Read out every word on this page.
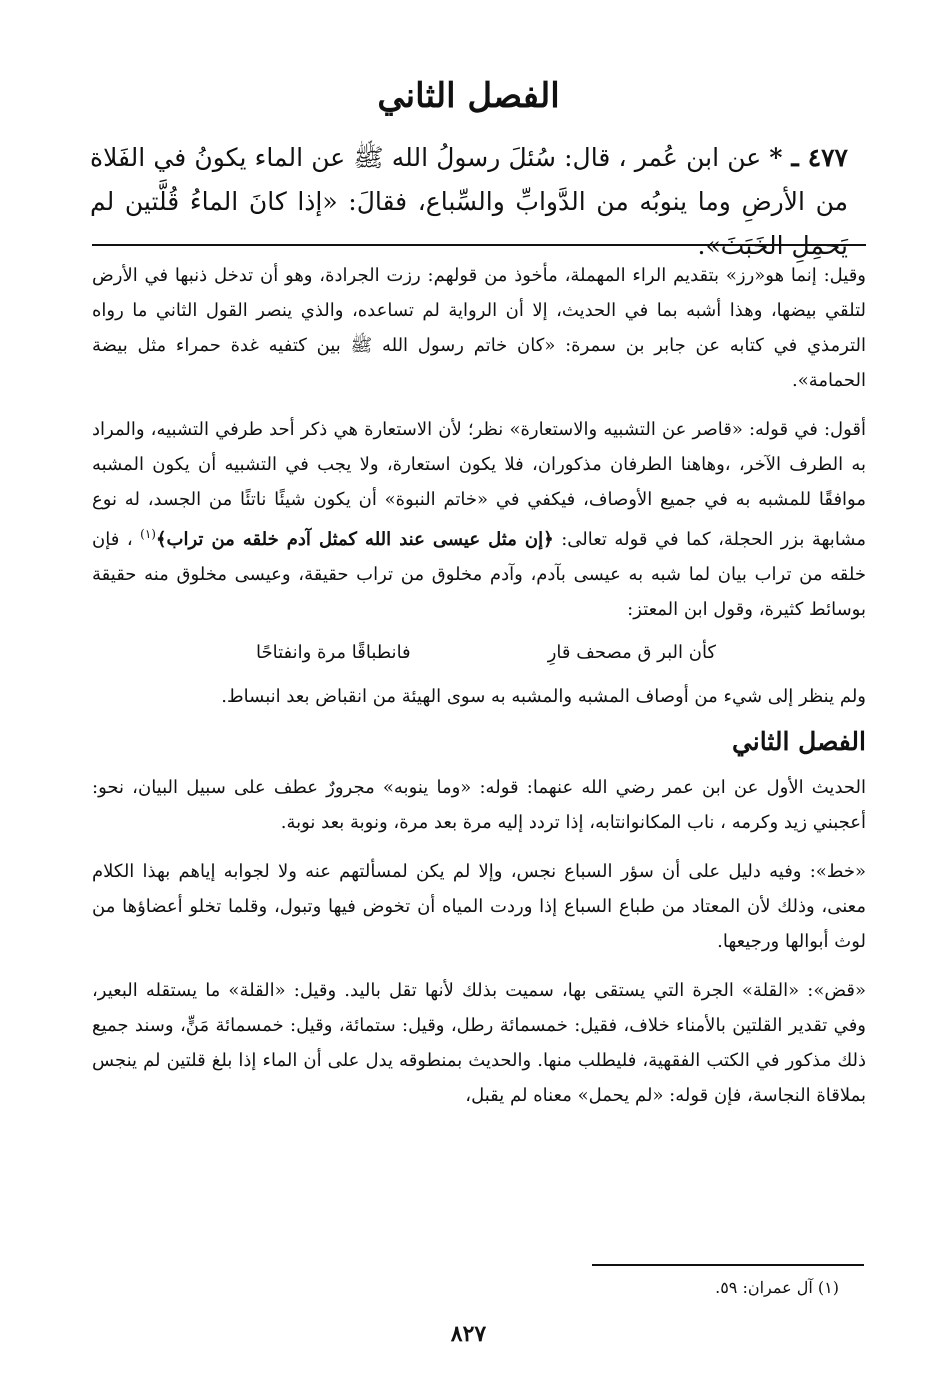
الفصل الثاني
٤٧٧ ـ * عن ابن عُمر ، قال: سُئلَ رسولُ الله ﷺ عن الماء يكونُ في الفَلاة من الأرضِ وما ينوبُه من الدَّوابِّ والسِّباع، فقالَ: «إذا كانَ الماءُ قُلَّتين لم يَحمِلِ الخَبَثَ».

وقيل: إنما هو«رز» بتقديم الراء المهملة، مأخوذ من قولهم: رزت الجرادة، وهو أن تدخل ذنبها في الأرض لتلقي بيضها، وهذا أشبه بما في الحديث، إلا أن الرواية لم تساعده، والذي ينصر القول الثاني ما رواه الترمذي في كتابه عن جابر بن سمرة: «كان خاتم رسول الله ﷺ بين كتفيه غدة حمراء مثل بيضة الحمامة».

أقول: في قوله: «قاصر عن التشبيه والاستعارة» نظر؛ لأن الاستعارة هي ذكر أحد طرفي التشبيه، والمراد به الطرف الآخر، ،وهاهنا الطرفان مذكوران، فلا يكون استعارة، ولا يجب في التشبيه أن يكون المشبه موافقًا للمشبه به في جميع الأوصاف، فيكفي في «خاتم النبوة» أن يكون شيئًا ناتئًا من الجسد، له نوع مشابهة بزر الحجلة، كما في قوله تعالى: ﴿إن مثل عيسى عند الله كمثل آدم خلقه من تراب﴾$^{(١)}$ ، فإن خلقه من تراب بيان لما شبه به عيسى بآدم، وآدم مخلوق من تراب حقيقة، وعيسى مخلوق منه حقيقة بوسائط كثيرة، وقول ابن المعتز:

كأن البر ق مصحف قارِ
فانطباقًا مرة وانفتاحًا

ولم ينظر إلى شيء من أوصاف المشبه والمشبه به سوى الهيئة من انقباض بعد انبساط.

الفصل الثاني

الحديث الأول عن ابن عمر رضي الله عنهما: قوله: «وما ينوبه» مجرورٌ عطف على سبيل البيان، نحو: أعجبني زيد وكرمه ، ناب المكانوانتابه، إذا تردد إليه مرة بعد مرة، ونوبة بعد نوبة.

«خط»: وفيه دليل على أن سؤر السباع نجس، وإلا لم يكن لمسألتهم عنه ولا لجوابه إياهم بهذا الكلام معنى، وذلك لأن المعتاد من طباع السباع إذا وردت المياه أن تخوض فيها وتبول، وقلما تخلو أعضاؤها من لوث أبوالها ورجيعها.

«قض»: «القلة» الجرة التي يستقى بها، سميت بذلك لأنها تقل باليد. وقيل: «القلة» ما يستقله البعير، وفي تقدير القلتين بالأمناء خلاف، فقيل: خمسمائة رطل، وقيل: ستمائة، وقيل: خمسمائة مَنٍّ، وسند جميع ذلك مذكور في الكتب الفقهية، فليطلب منها. والحديث بمنطوقه يدل على أن الماء إذا بلغ قلتين لم ينجس بملاقاة النجاسة، فإن قوله: «لم يحمل» معناه لم يقبل،

(١) آل عمران: ٥٩.
٨٢٧
